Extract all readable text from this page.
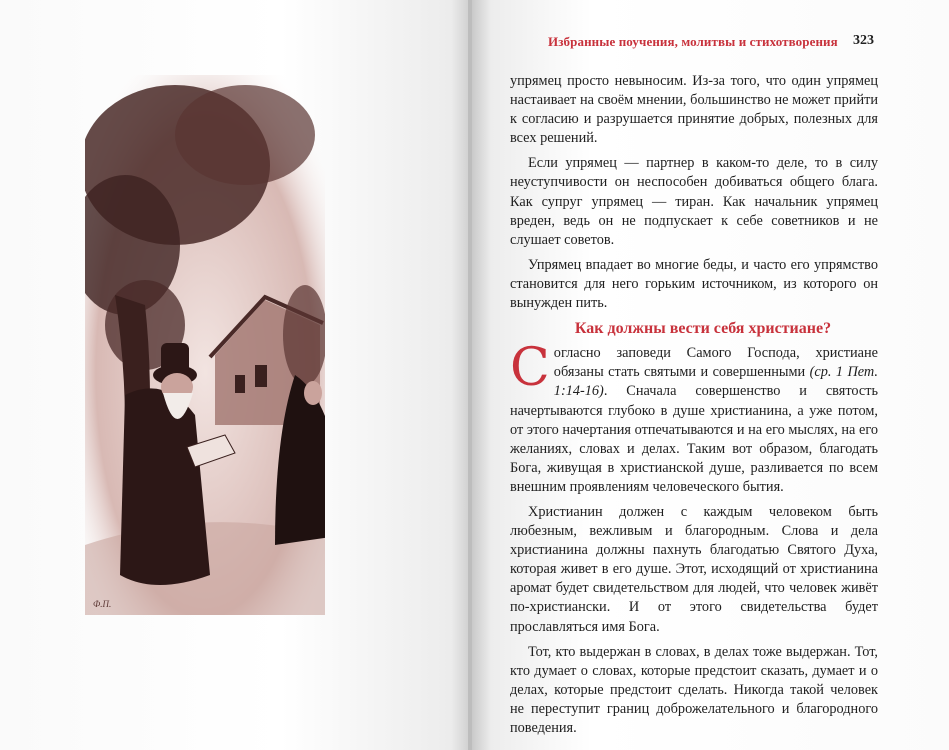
Ф.П.
Избранные поучения, молитвы и стихотворения 323

упрямец просто невыносим. Из-за того, что один упрямец настаивает на своём мнении, большинство не может прийти к согласию и разрушается принятие добрых, полезных для всех решений.

Если упрямец — партнер в каком-то деле, то в силу неуступчивости он неспособен добиваться общего блага. Как супруг упрямец — тиран. Как начальник упрямец вреден, ведь он не подпускает к себе советников и не слушает советов.

Упрямец впадает во многие беды, и часто его упрямство становится для него горьким источником, из которого он вынужден пить.

Как должны вести себя христиане?

Согласно заповеди Самого Господа, христиане обязаны стать святыми и совершенными (ср. 1 Пет. 1:14-16). Сначала совершенство и святость начертываются глубоко в душе христианина, а уже потом, от этого начертания отпечатываются и на его мыслях, на его желаниях, словах и делах. Таким вот образом, благодать Бога, живущая в христианской душе, разливается по всем внешним проявлениям человеческого бытия.

Христианин должен с каждым человеком быть любезным, вежливым и благородным. Слова и дела христианина должны пахнуть благодатью Святого Духа, которая живет в его душе. Этот, исходящий от христианина аромат будет свидетельством для людей, что человек живёт по-христиански. И от этого свидетельства будет прославляться имя Бога.

Тот, кто выдержан в словах, в делах тоже выдержан. Тот, кто думает о словах, которые предстоит сказать, думает и о делах, которые предстоит сделать. Никогда такой человек не переступит границ доброжелательного и благородного поведения.
